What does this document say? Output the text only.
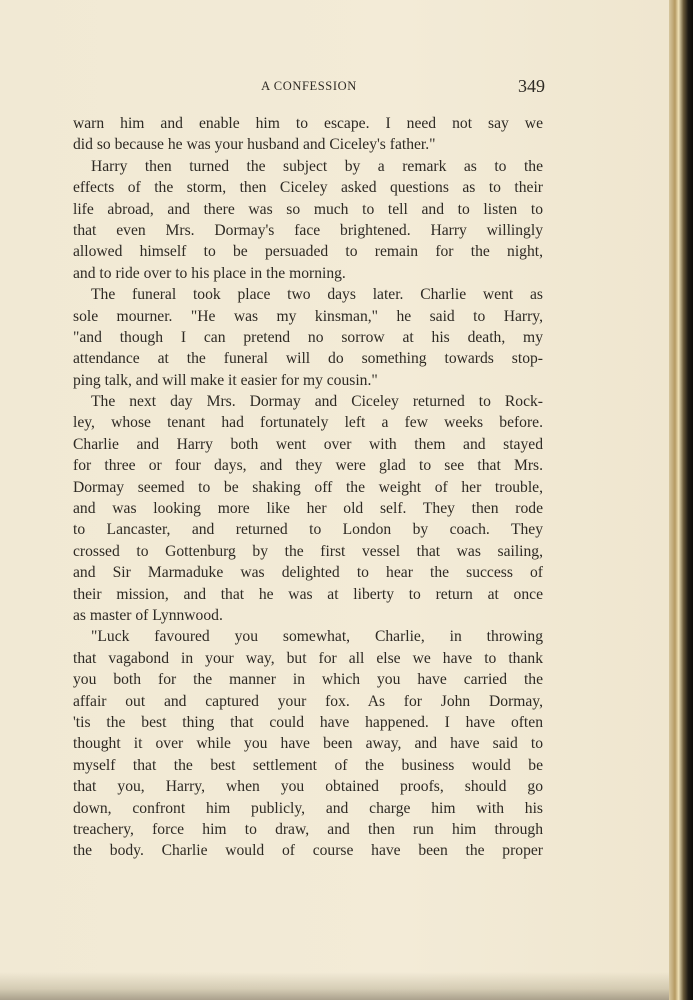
A CONFESSION	349
warn him and enable him to escape. I need not say we
did so because he was your husband and Ciceley's father."
Harry then turned the subject by a remark as to the
effects of the storm, then Ciceley asked questions as to their
life abroad, and there was so much to tell and to listen to
that even Mrs. Dormay's face brightened. Harry willingly
allowed himself to be persuaded to remain for the night,
and to ride over to his place in the morning.
The funeral took place two days later. Charlie went as
sole mourner. "He was my kinsman," he said to Harry,
"and though I can pretend no sorrow at his death, my
attendance at the funeral will do something towards stop-
ping talk, and will make it easier for my cousin."
The next day Mrs. Dormay and Ciceley returned to Rock-
ley, whose tenant had fortunately left a few weeks before.
Charlie and Harry both went over with them and stayed
for three or four days, and they were glad to see that Mrs.
Dormay seemed to be shaking off the weight of her trouble,
and was looking more like her old self. They then rode
to Lancaster, and returned to London by coach. They
crossed to Gottenburg by the first vessel that was sailing,
and Sir Marmaduke was delighted to hear the success of
their mission, and that he was at liberty to return at once
as master of Lynnwood.
"Luck favoured you somewhat, Charlie, in throwing
that vagabond in your way, but for all else we have to thank
you both for the manner in which you have carried the
affair out and captured your fox. As for John Dormay,
'tis the best thing that could have happened. I have often
thought it over while you have been away, and have said to
myself that the best settlement of the business would be
that you, Harry, when you obtained proofs, should go
down, confront him publicly, and charge him with his
treachery, force him to draw, and then run him through
the body. Charlie would of course have been the proper
